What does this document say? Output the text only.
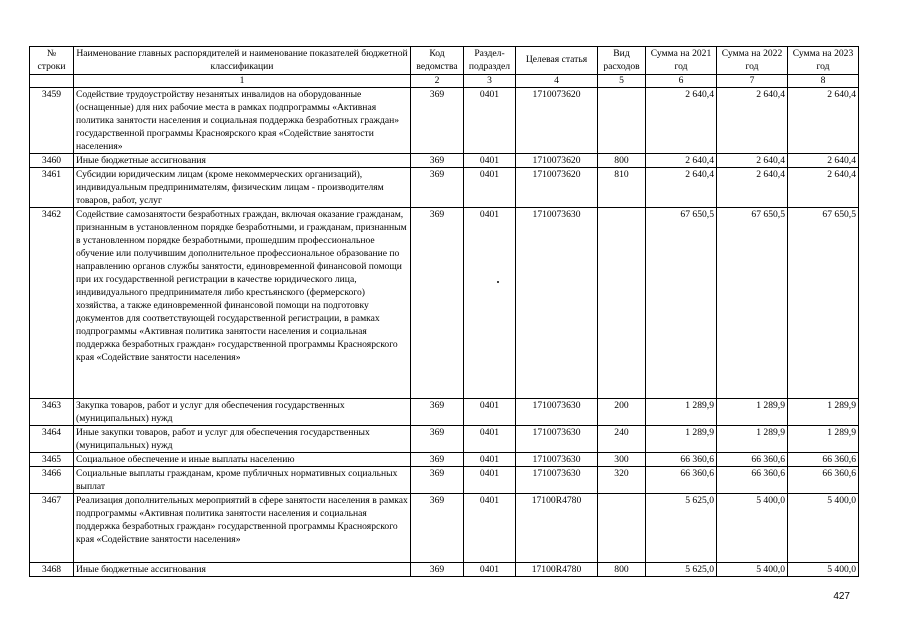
№ строки	Наименование главных распорядителей и наименование показателей бюджетной классификации	Код ведомства	Раздел-подраздел	Целевая статья	Вид расходов	Сумма на 2021 год	Сумма на 2022 год	Сумма на 2023 год
	1	2	3	4	5	6	7	8
3459	Содействие трудоустройству незанятых инвалидов на оборудованные (оснащенные) для них рабочие места в рамках подпрограммы «Активная политика занятости населения и социальная поддержка безработных граждан» государственной программы Красноярского края «Содействие занятости населения»	369	0401	1710073620		2 640,4	2 640,4	2 640,4
3460	Иные бюджетные ассигнования	369	0401	1710073620	800	2 640,4	2 640,4	2 640,4
3461	Субсидии юридическим лицам (кроме некоммерческих организаций), индивидуальным предпринимателям, физическим лицам - производителям товаров, работ, услуг	369	0401	1710073620	810	2 640,4	2 640,4	2 640,4
3462	Содействие самозанятости безработных граждан, включая оказание гражданам, признанным в установленном порядке безработными, и гражданам, признанным в установленном порядке безработными, прошедшим профессиональное обучение или получившим дополнительное профессиональное образование по направлению органов службы занятости, единовременной финансовой помощи при их государственной регистрации в качестве юридического лица, индивидуального предпринимателя либо крестьянского (фермерского) хозяйства, а также единовременной финансовой помощи на подготовку документов для соответствующей государственной регистрации, в рамках подпрограммы «Активная политика занятости населения и социальная поддержка безработных граждан» государственной программы Красноярского края «Содействие занятости населения»	369	0401	1710073630		67 650,5	67 650,5	67 650,5
3463	Закупка товаров, работ и услуг для обеспечения государственных (муниципальных) нужд	369	0401	1710073630	200	1 289,9	1 289,9	1 289,9
3464	Иные закупки товаров, работ и услуг для обеспечения государственных (муниципальных) нужд	369	0401	1710073630	240	1 289,9	1 289,9	1 289,9
3465	Социальное обеспечение и иные выплаты населению	369	0401	1710073630	300	66 360,6	66 360,6	66 360,6
3466	Социальные выплаты гражданам, кроме публичных нормативных социальных выплат	369	0401	1710073630	320	66 360,6	66 360,6	66 360,6
3467	Реализация дополнительных мероприятий в сфере занятости населения в рамках подпрограммы «Активная политика занятости населения и социальная поддержка безработных граждан» государственной программы Красноярского края «Содействие занятости населения»	369	0401	17100R4780		5 625,0	5 400,0	5 400,0
3468	Иные бюджетные ассигнования	369	0401	17100R4780	800	5 625,0	5 400,0	5 400,0
427
